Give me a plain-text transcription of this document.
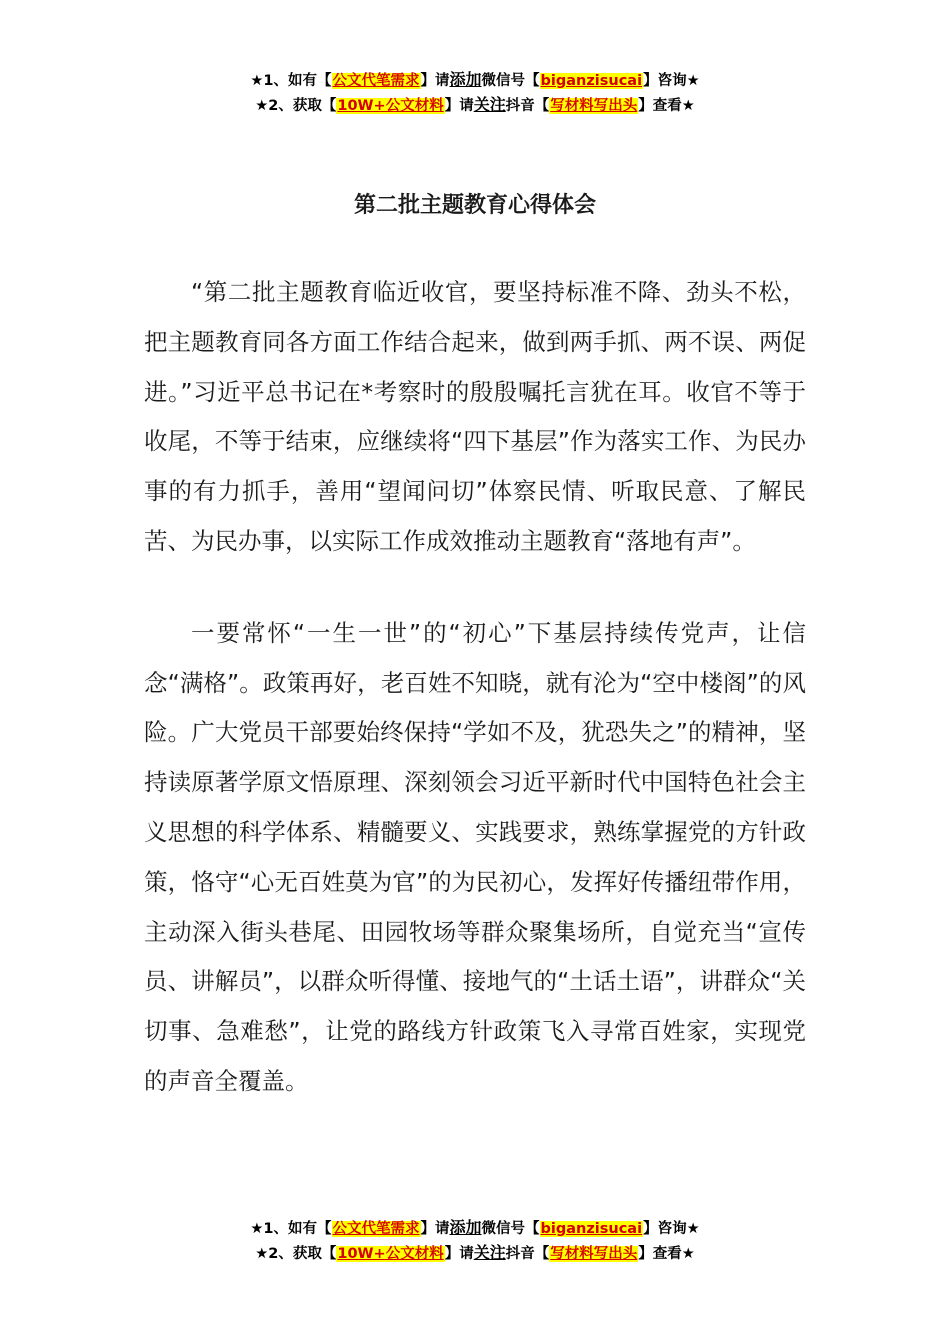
★1、如有【公文代笔需求】请添加微信号【biganzisucai】咨询★
★2、获取【10W+公文材料】请关注抖音【写材料写出头】查看★
第二批主题教育心得体会

“第二批主题教育临近收官，要坚持标准不降、劲头不松，把主题教育同各方面工作结合起来，做到两手抓、两不误、两促进。”习近平总书记在*考察时的殷殷嘱托言犹在耳。收官不等于收尾，不等于结束，应继续将“四下基层”作为落实工作、为民办事的有力抓手，善用“望闻问切”体察民情、听取民意、了解民苦、为民办事，以实际工作成效推动主题教育“落地有声”。

一要常怀“一生一世”的“初心”下基层持续传党声，让信念“满格”。政策再好，老百姓不知晓，就有沦为“空中楼阁”的风险。广大党员干部要始终保持“学如不及，犹恐失之”的精神，坚持读原著学原文悟原理、深刻领会习近平新时代中国特色社会主义思想的科学体系、精髓要义、实践要求，熟练掌握党的方针政策，恪守“心无百姓莫为官”的为民初心，发挥好传播纽带作用，主动深入街头巷尾、田园牧场等群众聚集场所，自觉充当“宣传员、讲解员”，以群众听得懂、接地气的“土话土语”，讲群众“关切事、急难愁”，让党的路线方针政策飞入寻常百姓家，实现党的声音全覆盖。

★1、如有【公文代笔需求】请添加微信号【biganzisucai】咨询★
★2、获取【10W+公文材料】请关注抖音【写材料写出头】查看★
